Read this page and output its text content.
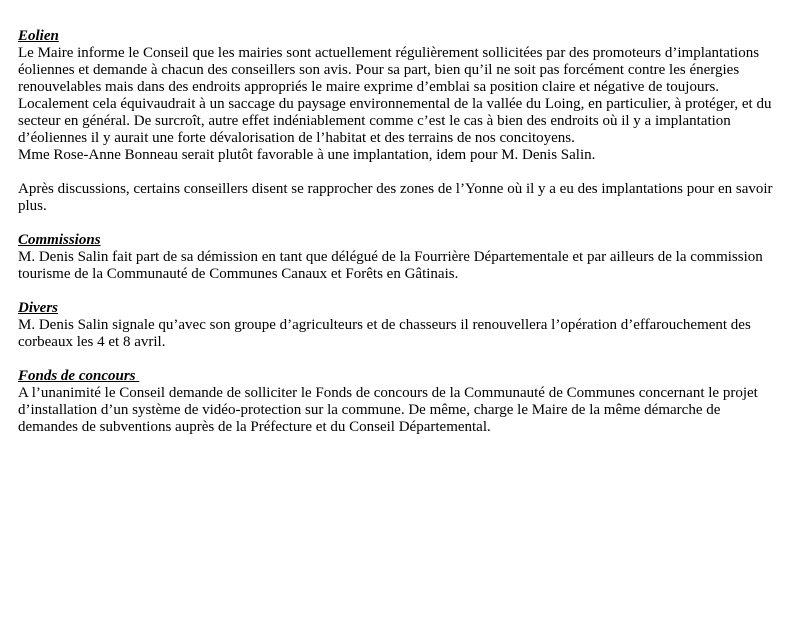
Eolien

Le Maire informe le Conseil que les mairies sont actuellement régulièrement sollicitées par des promoteurs d’implantations éoliennes et demande à chacun des conseillers son avis. Pour sa part, bien qu’il ne soit pas forcément contre les énergies renouvelables mais dans des endroits appropriés le maire exprime d’emblai sa position claire et négative de toujours. Localement cela équivaudrait à un saccage du paysage environnemental de la vallée du Loing, en particulier, à protéger, et du secteur en général. De surcroît, autre effet indéniablement comme c’est le cas à bien des endroits où il y a implantation d’éoliennes il y aurait une forte dévalorisation de l’habitat et des terrains de nos concitoyens.

Mme Rose-Anne Bonneau serait plutôt favorable à une implantation, idem pour M. Denis Salin.

Après discussions, certains conseillers disent se rapprocher des zones de l’Yonne où il y a eu des implantations pour en savoir plus.

Commissions

M. Denis Salin fait part de sa démission en tant que délégué de la Fourrière Départementale et par ailleurs de la commission tourisme de la Communauté de Communes Canaux et Forêts en Gâtinais.

Divers

M. Denis Salin signale qu’avec son groupe d’agriculteurs et de chasseurs il renouvellera l’opération d’effarouchement des corbeaux les 4 et 8 avril.

Fonds de concours

A l’unanimité le Conseil demande de solliciter le Fonds de concours de la Communauté de Communes concernant le projet d’installation d’un système de vidéo-protection sur la commune. De même, charge le Maire de la même démarche de demandes de subventions auprès de la Préfecture et du Conseil Départemental.
